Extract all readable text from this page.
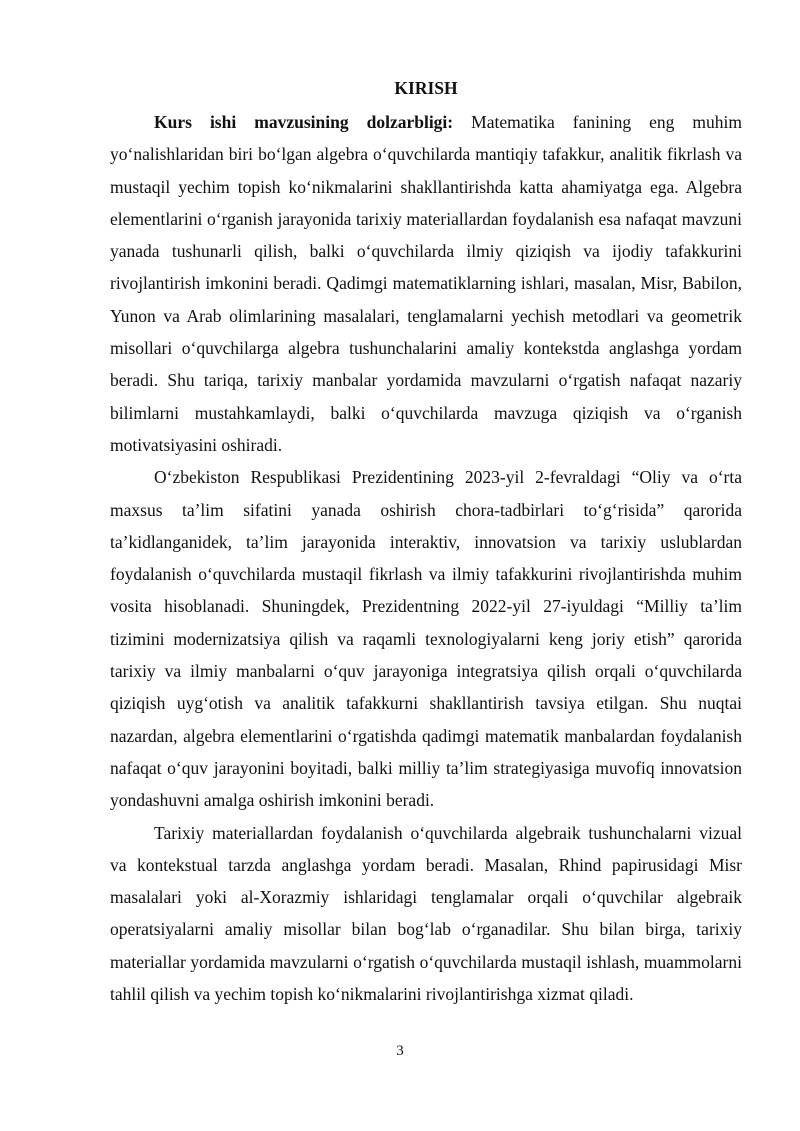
KIRISH

Kurs ishi mavzusining dolzarbligi: Matematika fanining eng muhim yo‘nalishlaridan biri bo‘lgan algebra o‘quvchilarda mantiqiy tafakkur, analitik fikrlash va mustaqil yechim topish ko‘nikmalarini shakllantirishda katta ahamiyatga ega. Algebra elementlarini o‘rganish jarayonida tarixiy materiallardan foydalanish esa nafaqat mavzuni yanada tushunarli qilish, balki o‘quvchilarda ilmiy qiziqish va ijodiy tafakkurini rivojlantirish imkonini beradi. Qadimgi matematiklarning ishlari, masalan, Misr, Babilon, Yunon va Arab olimlarining masalalari, tenglamalarni yechish metodlari va geometrik misollari o‘quvchilarga algebra tushunchalarini amaliy kontekstda anglashga yordam beradi. Shu tariqa, tarixiy manbalar yordamida mavzularni o‘rgatish nafaqat nazariy bilimlarni mustahkamlaydi, balki o‘quvchilarda mavzuga qiziqish va o‘rganish motivatsiyasini oshiradi.

O‘zbekiston Respublikasi Prezidentining 2023-yil 2-fevraldagi “Oliy va o‘rta maxsus ta’lim sifatini yanada oshirish chora-tadbirlari to‘g‘risida” qarorida ta’kidlanganidek, ta’lim jarayonida interaktiv, innovatsion va tarixiy uslublardan foydalanish o‘quvchilarda mustaqil fikrlash va ilmiy tafakkurini rivojlantirishda muhim vosita hisoblanadi. Shuningdek, Prezidentning 2022-yil 27-iyuldagi “Milliy ta’lim tizimini modernizatsiya qilish va raqamli texnologiyalarni keng joriy etish” qarorida tarixiy va ilmiy manbalarni o‘quv jarayoniga integratsiya qilish orqali o‘quvchilarda qiziqish uyg‘otish va analitik tafakkurni shakllantirish tavsiya etilgan. Shu nuqtai nazardan, algebra elementlarini o‘rgatishda qadimgi matematik manbalardan foydalanish nafaqat o‘quv jarayonini boyitadi, balki milliy ta’lim strategiyasiga muvofiq innovatsion yondashuvni amalga oshirish imkonini beradi.

Tarixiy materiallardan foydalanish o‘quvchilarda algebraik tushunchalarni vizual va kontekstual tarzda anglashga yordam beradi. Masalan, Rhind papirusidagi Misr masalalari yoki al-Xorazmiy ishlaridagi tenglamalar orqali o‘quvchilar algebraik operatsiyalarni amaliy misollar bilan bog‘lab o‘rganadilar. Shu bilan birga, tarixiy materiallar yordamida mavzularni o‘rgatish o‘quvchilarda mustaqil ishlash, muammolarni tahlil qilish va yechim topish ko‘nikmalarini rivojlantirishga xizmat qiladi.

3
